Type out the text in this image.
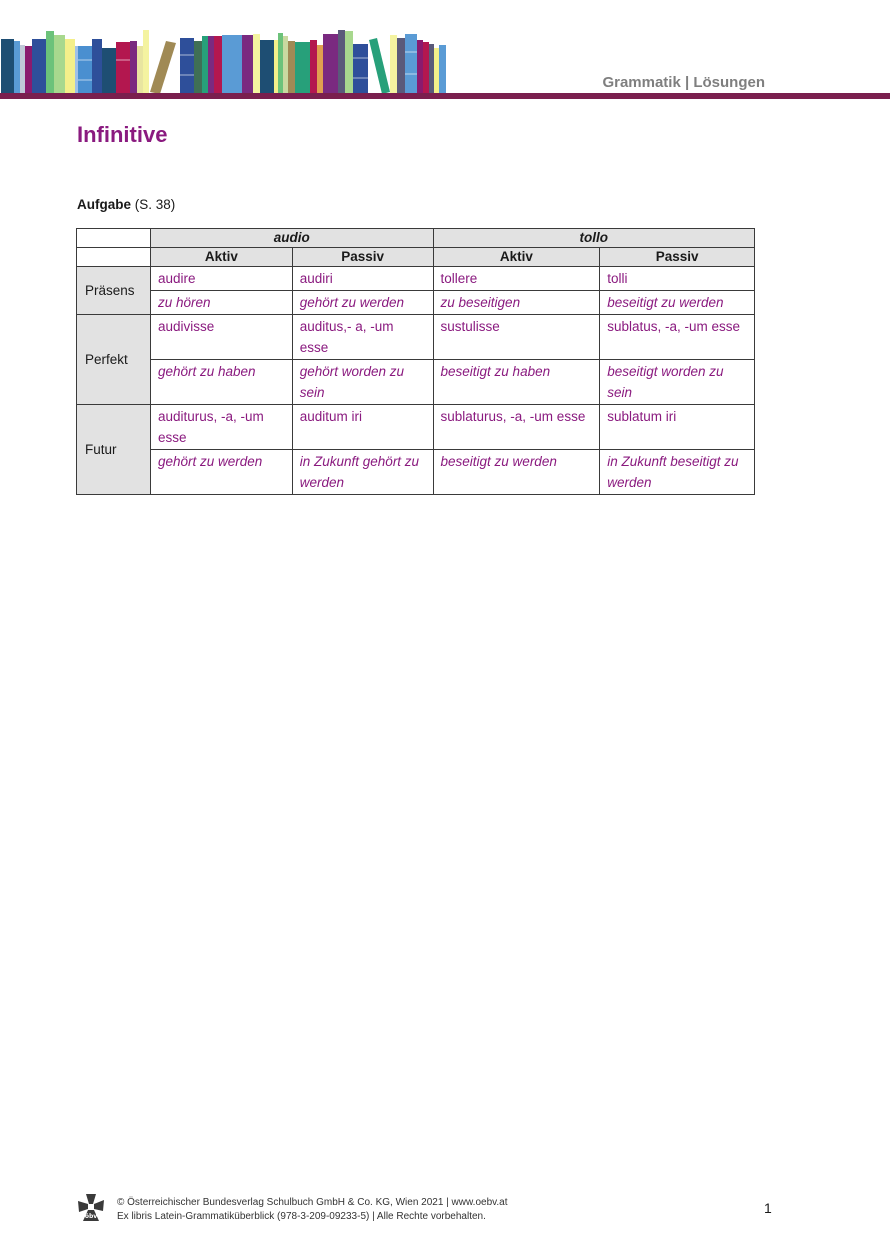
Grammatik | Lösungen
Infinitive
Aufgabe (S. 38)
	audio		tollo	
	Aktiv	Passiv	Aktiv	Passiv
Präsens	audire	audiri	tollere	tolli
	zu hören	gehört zu werden	zu beseitigen	beseitigt zu werden
Perfekt	audivisse	auditus,- a, -um esse	sustulisse	sublatus, -a, -um esse
	gehört zu haben	gehört worden zu sein	beseitigt zu haben	beseitigt worden zu sein
Futur	auditurus, -a, -um esse	auditum iri	sublaturus, -a, -um esse	sublatum iri
	gehört zu werden	in Zukunft gehört zu werden	beseitigt zu werden	in Zukunft beseitigt zu werden
öbv
© Österreichischer Bundesverlag Schulbuch GmbH & Co. KG, Wien 2021 | www.oebv.at
Ex libris Latein-Grammatiküberblick (978-3-209-09233-5) | Alle Rechte vorbehalten.
1
